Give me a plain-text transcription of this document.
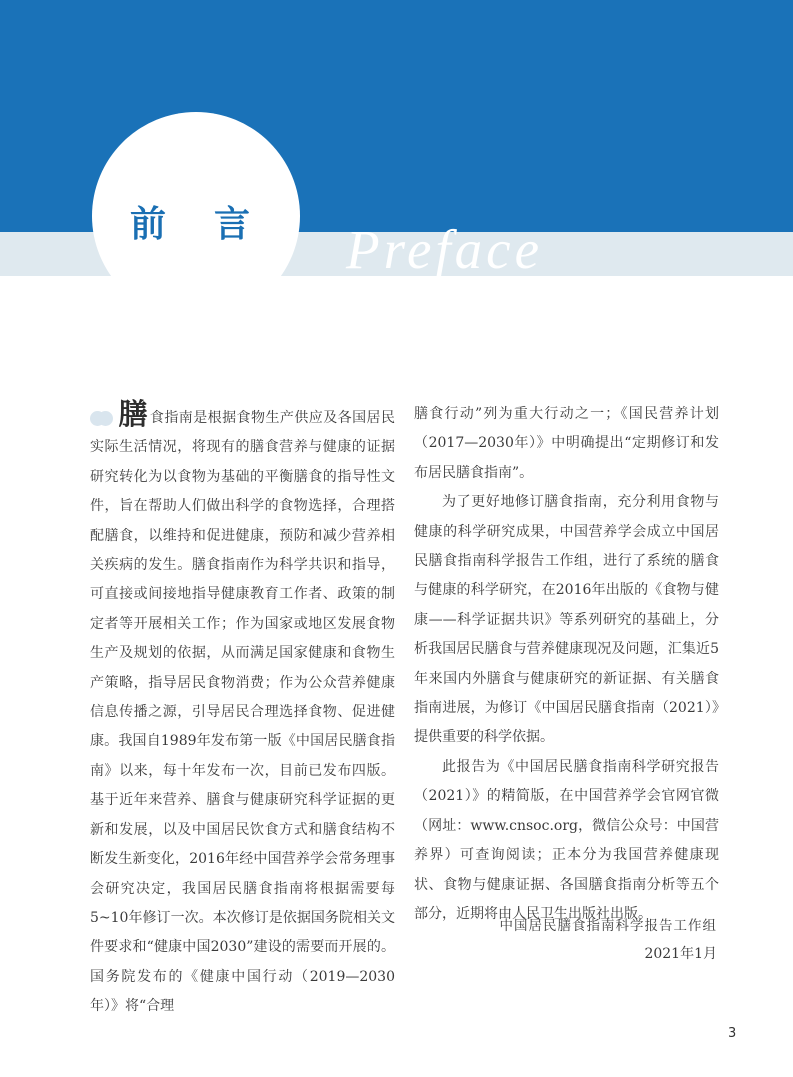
前言 Preface

膳食指南是根据食物生产供应及各国居民实际生活情况，将现有的膳食营养与健康的证据研究转化为以食物为基础的平衡膳食的指导性文件，旨在帮助人们做出科学的食物选择，合理搭配膳食，以维持和促进健康，预防和减少营养相关疾病的发生。膳食指南作为科学共识和指导，可直接或间接地指导健康教育工作者、政策的制定者等开展相关工作；作为国家或地区发展食物生产及规划的依据，从而满足国家健康和食物生产策略，指导居民食物消费；作为公众营养健康信息传播之源，引导居民合理选择食物、促进健康。我国自1989年发布第一版《中国居民膳食指南》以来，每十年发布一次，目前已发布四版。基于近年来营养、膳食与健康研究科学证据的更新和发展，以及中国居民饮食方式和膳食结构不断发生新变化，2016年经中国营养学会常务理事会研究决定，我国居民膳食指南将根据需要每5~10年修订一次。本次修订是依据国务院相关文件要求和“健康中国2030”建设的需要而开展的。国务院发布的《健康中国行动（2019—2030年）》将“合理

膳食行动”列为重大行动之一；《国民营养计划（2017—2030年）》中明确提出“定期修订和发布居民膳食指南”。

为了更好地修订膳食指南，充分利用食物与健康的科学研究成果，中国营养学会成立中国居民膳食指南科学报告工作组，进行了系统的膳食与健康的科学研究，在2016年出版的《食物与健康——科学证据共识》等系列研究的基础上，分析我国居民膳食与营养健康现况及问题，汇集近5年来国内外膳食与健康研究的新证据、有关膳食指南进展，为修订《中国居民膳食指南（2021）》提供重要的科学依据。

此报告为《中国居民膳食指南科学研究报告（2021）》的精简版，在中国营养学会官网官微（网址：www.cnsoc.org，微信公众号：中国营养界）可查询阅读；正本分为我国营养健康现状、食物与健康证据、各国膳食指南分析等五个部分，近期将由人民卫生出版社出版。

中国居民膳食指南科学报告工作组
2021年1月
3
